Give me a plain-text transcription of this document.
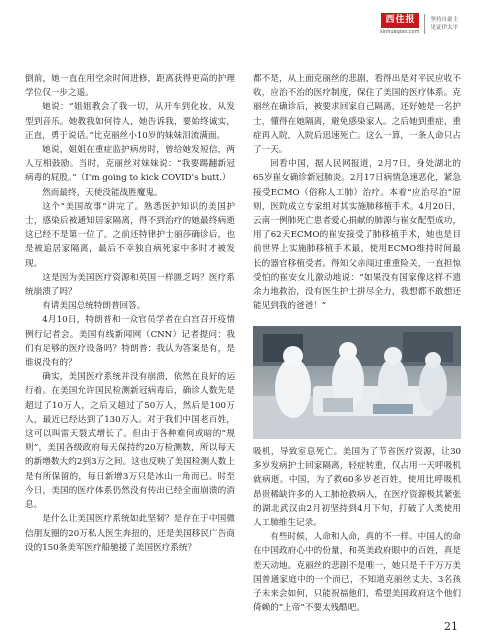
西住报
xinhuaqiao.com
坚持自豪主
见证伊太平

倒前，她一直在用空余时间进修，距离获得更高的护理学位仅一步之遥。

她说：“姐姐教会了我一切，从开车到化妆，从发型到音乐。她教我如何待人，她告诉我，要始终诚实，正直，勇于说话。”比克丽丝小10岁的妹妹泪流满面。

她说，姐姐在重症监护病房时，曾给她发短信，两人互相鼓励。当时，克丽丝对妹妹说：“我要踢翻新冠病毒的屁股。”（I’m going to kick COVID’s butt.）

然而最终，天使没能战胜魔鬼。

这个“美国故事”讲完了。熟悉医护知识的美国护士，感染后被通知居家隔离，得不到治疗的她最终病逝这已经不是第一位了。之前还特律护士丽莎确诊后，也是被追居家隔离，最后不幸独自病死家中多时才被发现。

这是因为美国医疗资源和英国一样匮乏吗？医疗系统崩溃了吗？

有请美国总统特朗普回答。

4月10日，特朗普和一众官员学者在白宫召开疫情例行记者会。美国有线新闻网（CNN）记者提问：我们有足够的医疗设备吗？特朗普：我认为答案是有，是谁说没有的？

确实，美国医疗系统并没有崩溃，依然在良好的运行着。在美国允许国民检测新冠病毒后，确诊人数先是超过了10万人，之后又超过了50万人，然后是100万人，最近已经达到了130万人。对于我们中国老百姓，这可以叫雷天裂式增长了。但由于各种难何或暗的“规则”，美国各级政府每天保持约20万检测数，所以每天的新增数大约2到3万之间。这也反映了美国检测人数上是有所保留的，每日新增3万只是冰山一角而已。时至今日，美国的医疗体系仍然没有传出已经全面崩溃的消息。

是什么让美国医疗系统如此坚韧？是存在于中国微信朋友圈的20万私人医生奔扭的，还是美国移民广告商设的150条美军医疗船驰援了美国医疗系统？

都不是，从上面克丽丝的悲剧，看得出是对平民应收不收，应治不治的医疗制度，保住了美国的医疗体系。克丽丝在确诊后，被要求回家自己隔离，还好她是一名护士，懂得在她隔离，避免感染家人。之后她到重症，重症再入院，入院后迅速死亡。这么一算，一条人命只占了一天。

回看中国，据人民网报道，2月7日，身处湖北的65岁崔女确诊新冠肺炎。2月17日病情急速恶化，紧急接受ECMO（俗称人工肺）治疗。本着“应治尽治”原则，医院成立专家组对其实施肺移植手术。4月20日，云南一例肺死亡患者爱心捐献的肺源与崔女配型成功，用了62天ECMO的崔安接受了肺移植手术，她也是目前世界上实施肺移植手术最，使用ECMO维持时间最长的器官移植受者。得知父亲闯过重重险关，一直担惊受怕的崔安女儿激动地说：“如果没有国家像这样不遗余力地救治，没有医生护士拼尽全力，我想都不敢想还能见到我的爸爸！”

吸机，导致室息死亡。美国为了节省医疗资源，让30多岁发病护士回家隔离，轻症转重，仅占用一天呼吸机就病逝。中国，为了救60多岁老百姓，使用比呼吸机昂贵稀缺许多的人工肺抢救病人，在医疗资源极其紧张的湖北武汉由2月初坚持到4月下旬，打破了人类使用人工肺维生记录。

有些时候，人命和人命，真的不一样。中国人的命在中国政府心中的份量，和英美政府眼中的百姓，真是差天动地。克丽丝的悲剧不是唯一，她只是千千万万美国普通家庭中的一个而已，不知道克丽丝丈夫、3名孩子未来会如何，只能祝福他们，希望美国政府这个他们倚赖的“上帝”不要太残酷吧。

21
